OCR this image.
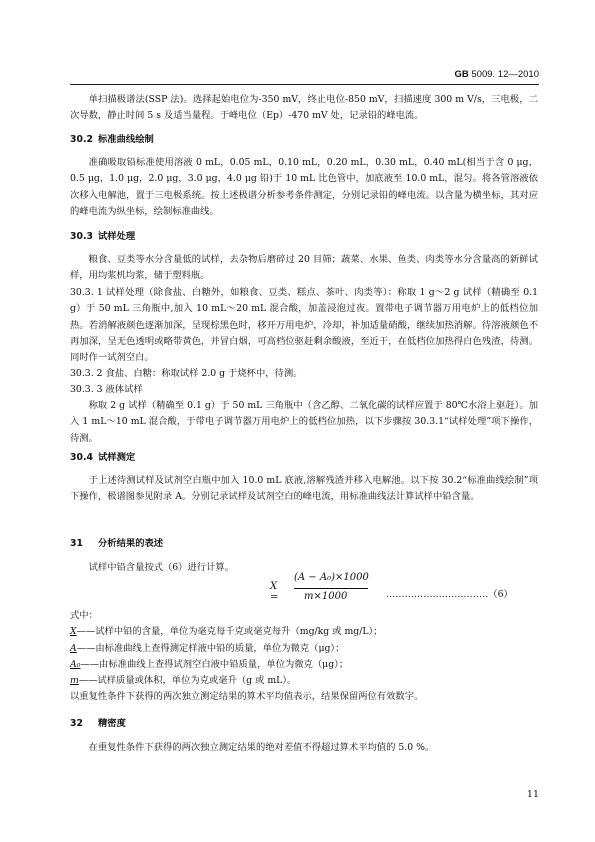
GB 5009. 12—2010
单扫描极谱法(SSP 法)。选择起始电位为-350 mV，终止电位-850 mV，扫描速度 300 m V/s，三电极，二次导数，静止时间 5 s 及适当量程。于峰电位（Ep）-470 mV 处，记录铅的峰电流。
30.2 标准曲线绘制
准确吸取铅标准使用溶液 0 mL，0.05 mL，0.10 mL，0.20 mL，0.30 mL，0.40 mL(相当于含 0 μg，0.5 μg，1.0 μg，2.0 μg，3.0 μg，4.0 μg 铅)于 10 mL 比色管中，加底液至 10.0 mL，混匀。将各管溶液依次移入电解池，置于三电极系统。按上述极谱分析参考条件测定，分别记录铅的峰电流。以含量为横坐标，其对应的峰电流为纵坐标，绘制标准曲线。
30.3 试样处理
粮食、豆类等水分含量低的试样，去杂物后磨碎过 20 目筛；蔬菜、水果、鱼类、肉类等水分含量高的新鲜试样，用均浆机均浆，储于塑料瓶。
30.3. 1 试样处理（除食盐、白糖外，如粮食、豆类、糕点、茶叶、肉类等）：称取 1 g～2 g 试样（精确至 0.1 g）于 50 mL 三角瓶中,加入 10 mL～20 mL 混合酸，加盖浸泡过夜。置带电子调节器万用电炉上的低档位加热。若消解液颜色逐渐加深，呈现棕黑色时，移开万用电炉，冷却，补加适量硝酸，继续加热消解。待溶液颜色不再加深，呈无色透明或略带黄色，并冒白烟，可高档位驱赶剩余酸液，至近干，在低档位加热得白色残渣，待测。同时作一试剂空白。
30.3. 2 食盐、白糖：称取试样 2.0 g 于烧杯中，待测。
30.3. 3 液体试样
称取 2 g 试样（精确至 0.1 g）于 50 mL 三角瓶中（含乙醇、二氧化碳的试样应置于 80℃水浴上驱赶）。加入 1 mL～10 mL 混合酸，于带电子调节器万用电炉上的低档位加热，以下步骤按 30.3.1“试样处理”项下操作，待测。
30.4 试样测定
于上述待测试样及试剂空白瓶中加入 10.0 mL 底液,溶解残渣并移入电解池。以下按 30.2“标准曲线绘制”项下操作，极谱图参见附录 A。分别记录试样及试剂空白的峰电流，用标准曲线法计算试样中铅含量。
31 分析结果的表述
试样中铅含量按式（6）进行计算。
X =
(A − A₀)×1000
m×1000	……………………………（6）
式中：
X——试样中铅的含量，单位为毫克每千克或毫克每升（mg/kg 或 mg/L）；
A——由标准曲线上查得测定样液中铅的质量，单位为微克（μg）；
A₀——由标准曲线上查得试剂空白液中铅质量，单位为微克（μg）；
m——试样质量或体积，单位为克或毫升（g 或 mL）。
以重复性条件下获得的两次独立测定结果的算术平均值表示，结果保留两位有效数字。
32 精密度
在重复性条件下获得的两次独立测定结果的绝对差值不得超过算术平均值的 5.0 %。
11
